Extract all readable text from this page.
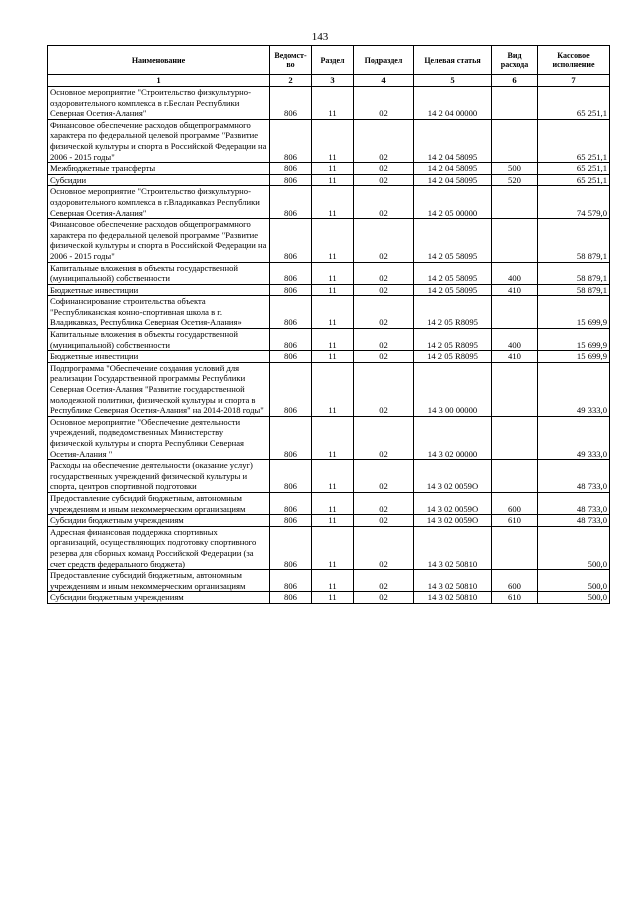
143
Наименование	Ведомст-во	Раздел	Подраздел	Целевая статья	Вид расхода	Кассовое исполнение
1	2	3	4	5	6	7
Основное мероприятие "Строительство физкультурно-оздоровительного комплекса в г.Беслан Республики Северная Осетия-Алания"	806	11	02	14 2 04 00000		65 251,1
Финансовое обеспечение расходов общепрограммного характера по федеральной целевой программе "Развитие физической культуры и спорта в Российской Федерации на 2006 - 2015 годы"	806	11	02	14 2 04 58095		65 251,1
Межбюджетные трансферты	806	11	02	14 2 04 58095	500	65 251,1
Субсидии	806	11	02	14 2 04 58095	520	65 251,1
Основное мероприятие "Строительство физкультурно-оздоровительного комплекса в г.Владикавказ Республики Северная Осетия-Алания"	806	11	02	14 2 05 00000		74 579,0
Финансовое обеспечение расходов общепрограммного характера по федеральной целевой программе "Развитие физической культуры и спорта в Российской Федерации на 2006 - 2015 годы"	806	11	02	14 2 05 58095		58 879,1
Капитальные вложения в объекты государственной (муниципальной) собственности	806	11	02	14 2 05 58095	400	58 879,1
Бюджетные инвестиции	806	11	02	14 2 05 58095	410	58 879,1
Софинансирование строительства объекта "Республиканская конно-спортивная школа в г. Владикавказ, Республика Северная Осетия-Алания»	806	11	02	14 2 05 R8095		15 699,9
Капитальные вложения в объекты государственной (муниципальной) собственности	806	11	02	14 2 05 R8095	400	15 699,9
Бюджетные инвестиции	806	11	02	14 2 05 R8095	410	15 699,9
Подпрограмма "Обеспечение создания условий для реализации Государственной программы Республики Северная Осетия-Алания "Развитие государственной молодежной политики, физической культуры и спорта в Республике Северная Осетия-Алания" на 2014-2018 годы"	806	11	02	14 3 00 00000		49 333,0
Основное мероприятие "Обеспечение деятельности учреждений, подведомственных Министерству физической культуры и спорта Республики Северная Осетия-Алания "	806	11	02	14 3 02 00000		49 333,0
Расходы на обеспечение деятельности (оказание услуг) государственных учреждений физической культуры и спорта, центров спортивной подготовки	806	11	02	14 3 02 0059О		48 733,0
Предоставление субсидий бюджетным, автономным учреждениям и иным некоммерческим организациям	806	11	02	14 3 02 0059О	600	48 733,0
Субсидии бюджетным учреждениям	806	11	02	14 3 02 0059О	610	48 733,0
Адресная финансовая поддержка спортивных организаций, осуществляющих подготовку спортивного резерва для сборных команд Российской Федерации (за счет средств федерального бюджета)	806	11	02	14 3 02 50810		500,0
Предоставление субсидий бюджетным, автономным учреждениям и иным некоммерческим организациям	806	11	02	14 3 02 50810	600	500,0
Субсидии бюджетным учреждениям	806	11	02	14 3 02 50810	610	500,0
